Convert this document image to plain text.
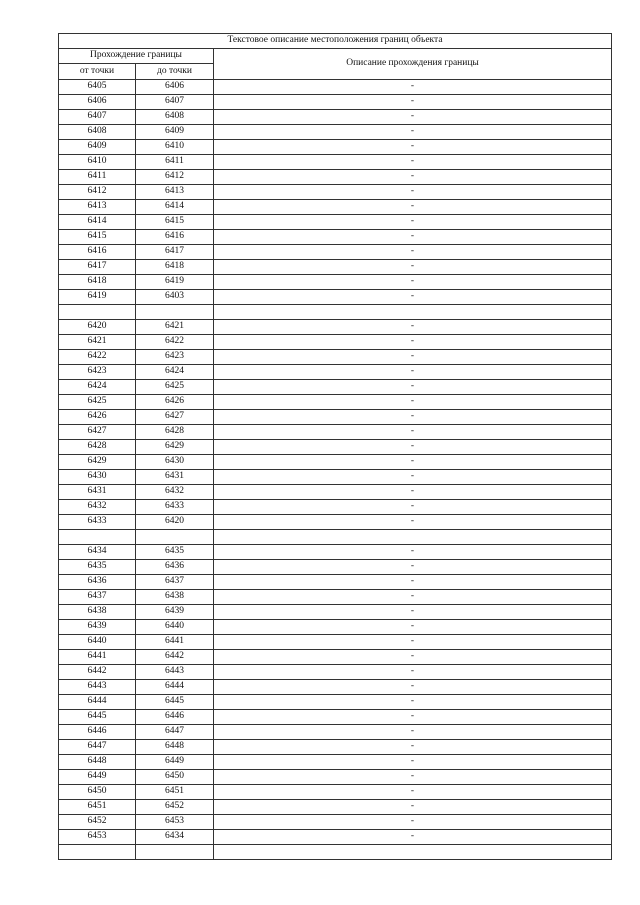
Текстовое описание местоположения границ объекта		
Прохождение границы		Описание прохождения границы
от точки	до точки	
6405	6406	-
6406	6407	-
6407	6408	-
6408	6409	-
6409	6410	-
6410	6411	-
6411	6412	-
6412	6413	-
6413	6414	-
6414	6415	-
6415	6416	-
6416	6417	-
6417	6418	-
6418	6419	-
6419	6403	-

6420	6421	-
6421	6422	-
6422	6423	-
6423	6424	-
6424	6425	-
6425	6426	-
6426	6427	-
6427	6428	-
6428	6429	-
6429	6430	-
6430	6431	-
6431	6432	-
6432	6433	-
6433	6420	-

6434	6435	-
6435	6436	-
6436	6437	-
6437	6438	-
6438	6439	-
6439	6440	-
6440	6441	-
6441	6442	-
6442	6443	-
6443	6444	-
6444	6445	-
6445	6446	-
6446	6447	-
6447	6448	-
6448	6449	-
6449	6450	-
6450	6451	-
6451	6452	-
6452	6453	-
6453	6434	-
